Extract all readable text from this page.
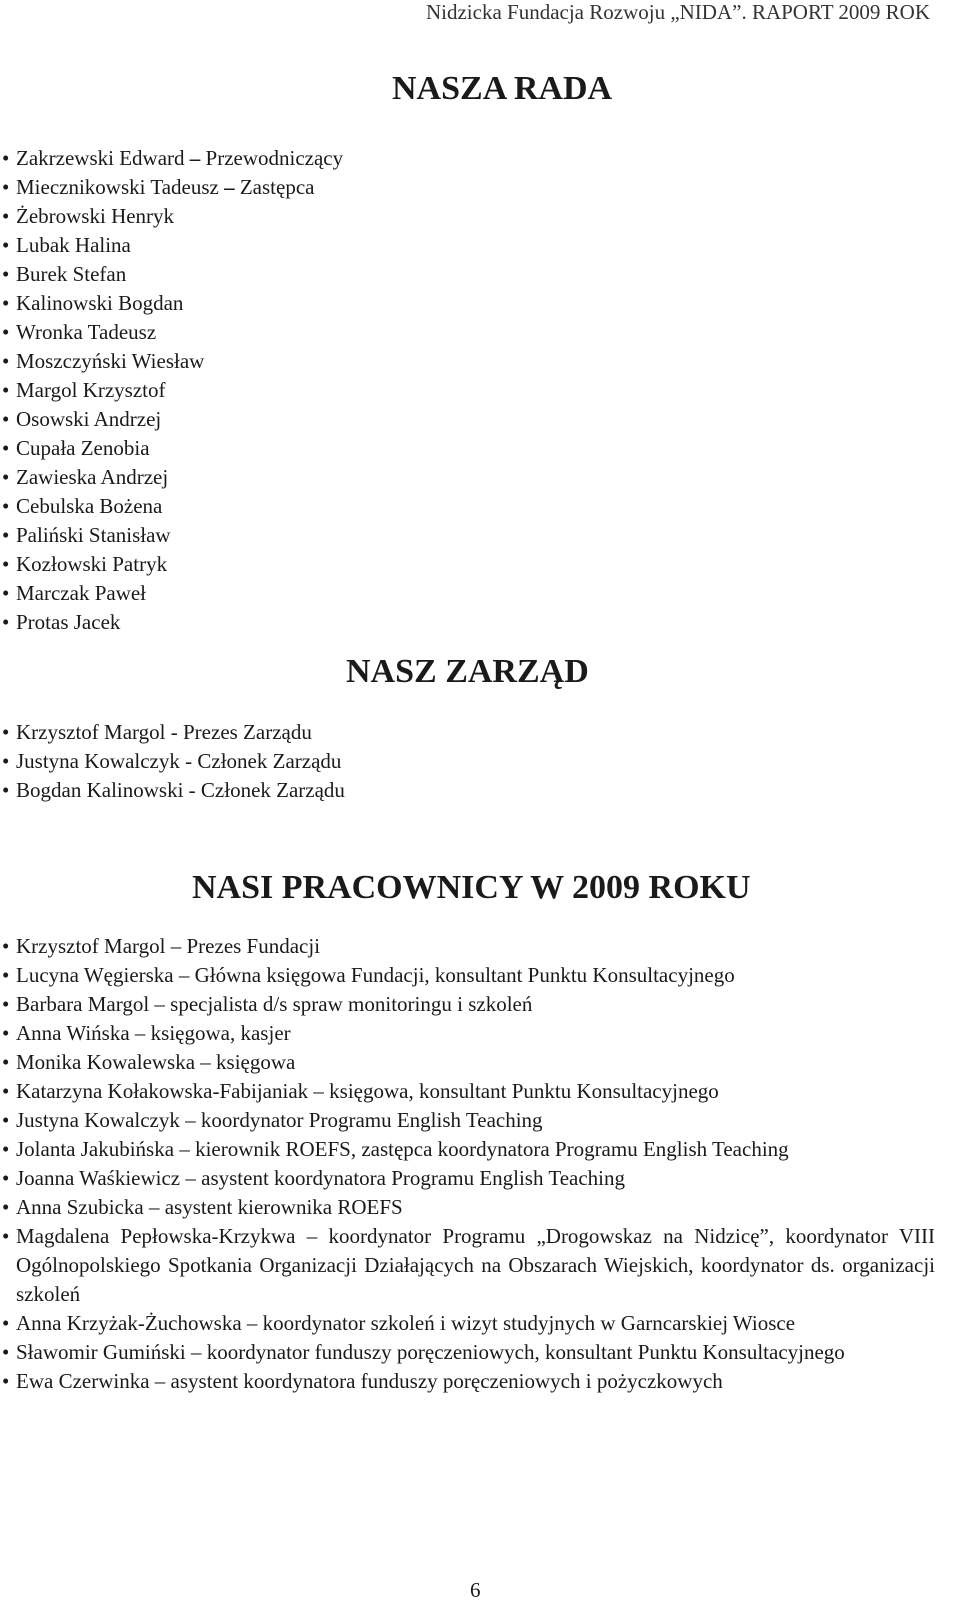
Nidzicka Fundacja Rozwoju „NIDA”. RAPORT 2009 ROK
NASZA RADA
• Zakrzewski Edward – Przewodniczący
• Miecznikowski Tadeusz – Zastępca
• Żebrowski Henryk
• Lubak Halina
• Burek Stefan
• Kalinowski Bogdan
• Wronka Tadeusz
• Moszczyński Wiesław
• Margol Krzysztof
• Osowski Andrzej
• Cupała Zenobia
• Zawieska Andrzej
• Cebulska Bożena
• Paliński Stanisław
• Kozłowski Patryk
• Marczak Paweł
• Protas Jacek
NASZ ZARZĄD
• Krzysztof Margol - Prezes Zarządu
• Justyna Kowalczyk - Członek Zarządu
• Bogdan Kalinowski - Członek Zarządu
NASI PRACOWNICY W 2009 ROKU
• Krzysztof Margol – Prezes Fundacji
• Lucyna Węgierska – Główna księgowa Fundacji, konsultant Punktu Konsultacyjnego
• Barbara Margol – specjalista d/s spraw monitoringu i szkoleń
• Anna Wińska – księgowa, kasjer
• Monika Kowalewska – księgowa
• Katarzyna Kołakowska-Fabijaniak – księgowa, konsultant Punktu Konsultacyjnego
• Justyna Kowalczyk – koordynator Programu English Teaching
• Jolanta Jakubińska – kierownik ROEFS, zastępca koordynatora Programu English Teaching
• Joanna Waśkiewicz – asystent koordynatora Programu English Teaching
• Anna Szubicka – asystent kierownika ROEFS
• Magdalena Pepłowska-Krzykwa – koordynator Programu „Drogowskaz na Nidzicę”, koordynator VIII Ogólnopolskiego Spotkania Organizacji Działających na Obszarach Wiejskich, koordynator ds. organizacji szkoleń
• Anna Krzyżak-Żuchowska – koordynator szkoleń i wizyt studyjnych w Garncarskiej Wiosce
• Sławomir Gumiński – koordynator funduszy poręczeniowych, konsultant Punktu Konsultacyjnego
• Ewa Czerwinka – asystent koordynatora funduszy poręczeniowych i pożyczkowych
6
